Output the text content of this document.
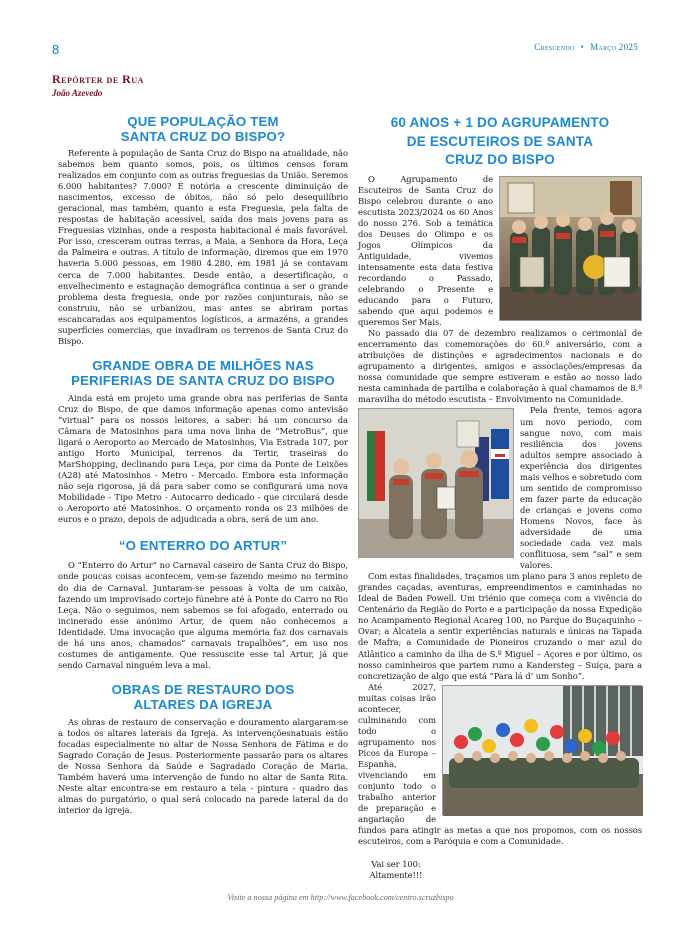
8	Crescendo • Março 2025
Repórter de Rua
João Azevedo
QUE POPULAÇÃO TEM
SANTA CRUZ DO BISPO?

Referente à população de Santa Cruz do Bispo na atualidade, não sabemos bem quanto somos, pois, os últimos censos foram realizados em conjunto com as outras freguesias da União. Seremos 6.000 habitantes? 7.000? É notória a crescente diminuição de nascimentos, excesso de óbitos, não só pelo desequilíbrio geracional, mas também, quanto a esta Freguesia, pela falta de respostas de habitação acessível, saída dos mais jovens para as Freguesias vizinhas, onde a resposta habitacional é mais favorável. Por isso, cresceram outras terras, a Maia, a Senhora da Hora, Leça da Palmeira e outras. A título de informação, diremos que em 1970 haveria 5.000 pessoas, em 1980 4.280, em 1981 já se contavam cerca de 7.000 habitantes. Desde então, a desertificação, o envelhecimento e estagnação demográfica continua a ser o grande problema desta freguesia, onde por razões conjunturais, não se construiu, não se urbanizou, mas antes se abriram portas escancaradas aos equipamentos logísticos, a armazéns, a grandes superfícies comercias, que invadiram os terrenos de Santa Cruz do Bispo.

GRANDE OBRA DE MILHÕES NAS
PERIFERIAS DE SANTA CRUZ DO BISPO

Ainda está em projeto uma grande obra nas periferias de Santa Cruz do Bispo, de que damos informação apenas como antevisão “virtual” para os nossos leitores, a saber: há um concurso da Câmara de Matosinhos para uma nova linha de “MetroBus”, que ligará o Aeroporto ao Mercado de Matosinhos, Via Estrada 107, por antigo Horto Municipal, terrenos da Tertir, traseiras do MarShopping, declinando para Leça, por cima da Ponte de Leixões (A28) até Matosinhos - Metro - Mercado. Embora esta informação não seja rigorosa, já dá para saber como se configurará uma nova Mobilidade - Tipo Metro - Autocarro dedicado - que circulará desde o Aeroporto até Matosinhos. O orçamento ronda os 23 milhões de euros e o prazo, depois de adjudicada a obra, será de um ano.

“O ENTERRO DO ARTUR”

O “Enterro do Artur” no Carnaval caseiro de Santa Cruz do Bispo, onde poucas coisas acontecem, vem-se fazendo mesmo no termino do dia de Carnaval. Juntaram-se pessoas à volta de um caixão, fazendo um improvisado cortejo fúnebre até à Ponte do Carro no Rio Leça. Não o seguimos, nem sabemos se foi afogado, enterrado ou incinerado esse anónimo Artur, de quem não conhecemos a Identidade. Uma invocação que alguma memória faz dos carnavais de há uns anos, chamados” carnavais trapalhões”, em uso nos costumes de antigamente. Que ressuscite esse tal Artur, já que sendo Carnaval ninguém leva a mal.

OBRAS DE RESTAURO DOS
ALTARES DA IGREJA

As obras de restauro de conservação e douramento alargaram-se a todos os altares laterais da Igreja. As intervençõesnatuais estão focadas especialmente no altar de Nossa Senhora de Fátima e do Sagrado Coração de Jesus. Posteriormente passarão para os altares de Nossa Senhora da Saúde e Sagradado Coração de Maria. Também haverá uma intervenção de fundo no altar de Santa Rita. Neste altar encontra-se em restauro a tela - pintura - quadro das almas do purgatório, o qual será colocado na parede lateral da do interior da igreja.

60 ANOS + 1 DO AGRUPAMENTO
DE ESCUTEIROS DE SANTA
CRUZ DO BISPO

O Agrupamento de Escuteiros de Santa Cruz do Bispo celebrou durante o ano escutista 2023/2024 os 60 Anos do nosso 276. Sob a temática dos Deuses do Olimpo e os Jogos Olímpicos da Antiguidade, vivemos intensamente esta data festiva recordando o Passado, celebrando o Presente e educando para o Futuro, sabendo que aqui podemos e queremos Ser Mais.

No passado dia 07 de dezembro realizamos o cerimonial de encerramento das comemorações do 60.º aniversário, com a atribuições de distinções e agradecimentos nacionais e do agrupamento a dirigentes, amigos e associações/empresas da nossa comunidade que sempre estiveram e estão ao nosso lado nesta caminhada de partilha e colaboração à qual chamamos de 8.ª maravilha do método escutista – Envolvimento na Comunidade.

Pela frente, temos agora um novo período, com sangue novo, com mais resiliência dos jovens adultos sempre associado à experiência dos dirigentes mais velhos e sobretudo com um sentido de compromisso em fazer parte da educação de crianças e jovens como Homens Novos, face às adversidade de uma sociedade cada vez mais conflituosa, sem “sal” e sem valores.

Com estas finalidades, traçamos um plano para 3 anos repleto de grandes caçadas, aventuras, empreendimentos e caminhadas no Ideal de Baden Powell. Um triénio que começa com a vivência do Centenário da Região do Porto e a participação da nossa Expedição no Acampamento Regional Acareg 100, no Parque do Buçaquinho – Ovar; a Alcateia a sentir experiências naturais e únicas na Tapada de Mafra; a Comunidade de Pioneiros cruzando o mar azul do Atlântico a caminho da ilha de S.º Miguel – Açores e por último, os nosso caminheiros que partem rumo a Kandersteg – Suíça, para a concretização de algo que está “Para lá d’ um Sonho”.

Até 2027, muitas coisas irão acontecer, culminando com todo o agrupamento nos Picos da Europa – Espanha, vivenciando em conjunto todo o trabalho anterior de preparação e angariação de fundos para atingir as metas a que nos propomos, com os nossos escuteiros, com a Paróquia e com a Comunidade.

Vai ser 100:

Altamente!!!

Visite a nossa página em http://www.facebook.com/centro.scruzbispo
